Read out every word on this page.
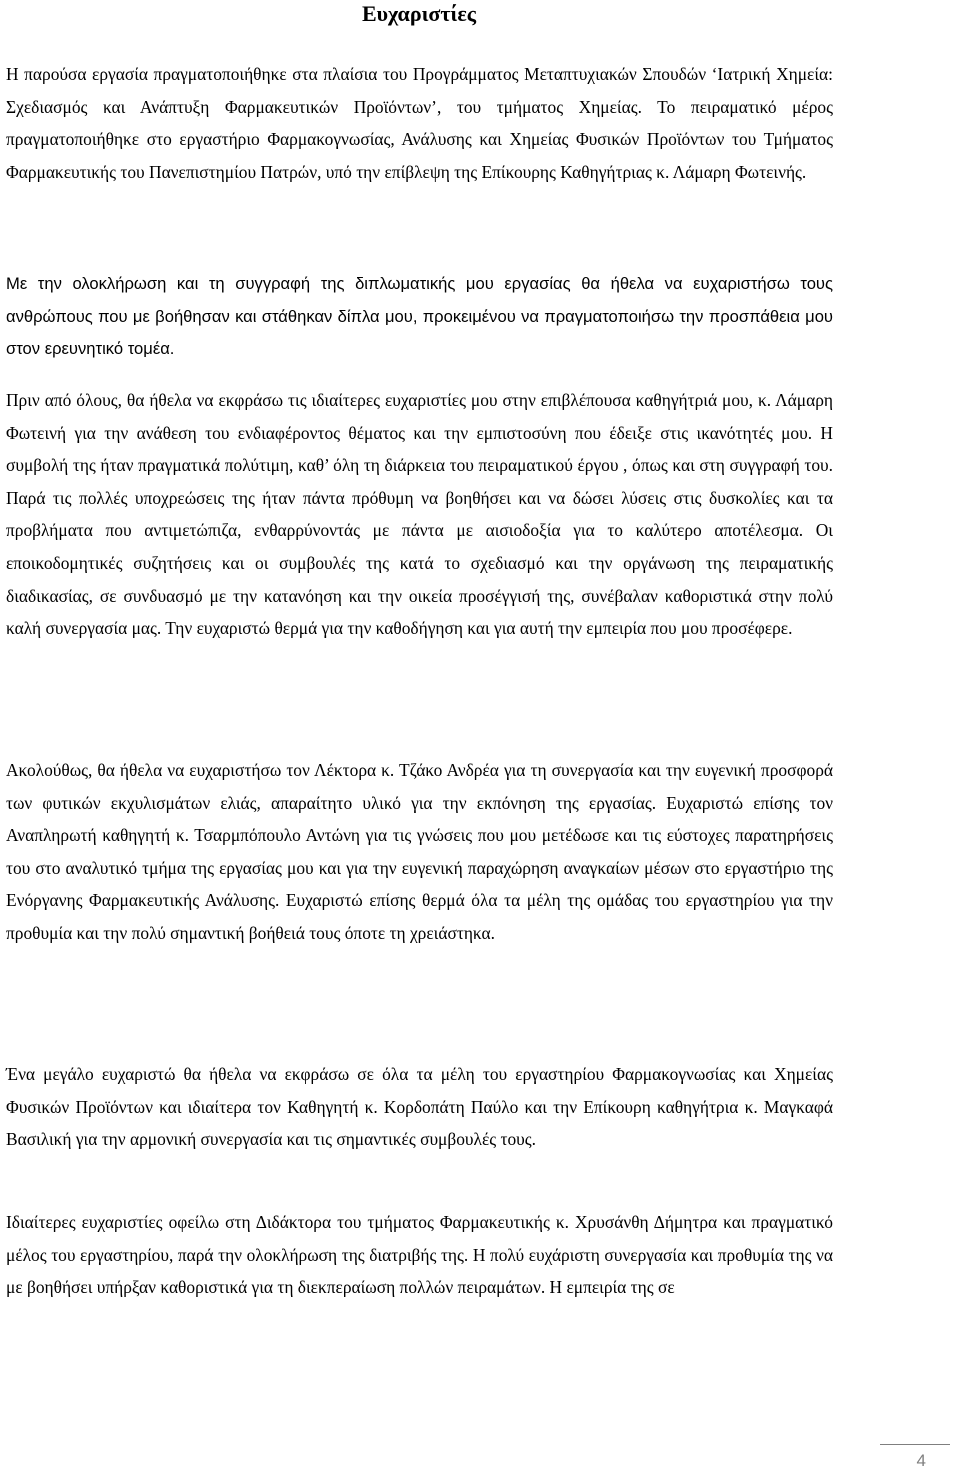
Ευχαριστίες

Η παρούσα εργασία πραγματοποιήθηκε στα πλαίσια του Προγράμματος Μεταπτυχιακών Σπουδών ‘Ιατρική Χημεία: Σχεδιασμός και Ανάπτυξη Φαρμακευτικών Προϊόντων’, του τμήματος Χημείας. Το πειραματικό μέρος πραγματοποιήθηκε στο εργαστήριο Φαρμακογνωσίας, Ανάλυσης και Χημείας Φυσικών Προϊόντων του Τμήματος Φαρμακευτικής του Πανεπιστημίου Πατρών, υπό την επίβλεψη της Επίκουρης Καθηγήτριας κ. Λάμαρη Φωτεινής.

Με την ολοκλήρωση και τη συγγραφή της διπλωματικής μου εργασίας θα ήθελα να ευχαριστήσω τους ανθρώπους που με βοήθησαν και στάθηκαν δίπλα μου, προκειμένου να πραγματοποιήσω την προσπάθεια μου στον ερευνητικό τομέα.

Πριν από όλους, θα ήθελα να εκφράσω τις ιδιαίτερες ευχαριστίες μου στην επιβλέπουσα καθηγήτριά μου, κ. Λάμαρη Φωτεινή για την ανάθεση του ενδιαφέροντος θέματος και την εμπιστοσύνη που έδειξε στις ικανότητές μου. Η συμβολή της ήταν πραγματικά πολύτιμη, καθ’ όλη τη διάρκεια του πειραματικού έργου , όπως και στη συγγραφή του. Παρά τις πολλές υποχρεώσεις της ήταν πάντα πρόθυμη να βοηθήσει και να δώσει λύσεις στις δυσκολίες και τα προβλήματα που αντιμετώπιζα, ενθαρρύνοντάς με πάντα με αισιοδοξία για το καλύτερο αποτέλεσμα. Οι εποικοδομητικές συζητήσεις και οι συμβουλές της κατά το σχεδιασμό και την οργάνωση της πειραματικής διαδικασίας, σε συνδυασμό με την κατανόηση και την οικεία προσέγγισή της, συνέβαλαν καθοριστικά στην πολύ καλή συνεργασία μας. Την ευχαριστώ θερμά για την καθοδήγηση και για αυτή την εμπειρία που μου προσέφερε.

Ακολούθως, θα ήθελα να ευχαριστήσω τον Λέκτορα κ. Τζάκο Ανδρέα για τη συνεργασία και την ευγενική προσφορά των φυτικών εκχυλισμάτων ελιάς, απαραίτητο υλικό για την εκπόνηση της εργασίας. Ευχαριστώ επίσης τον Αναπληρωτή καθηγητή κ. Τσαρμπόπουλο Αντώνη για τις γνώσεις που μου μετέδωσε και τις εύστοχες παρατηρήσεις του στο αναλυτικό τμήμα της εργασίας μου και για την ευγενική παραχώρηση αναγκαίων μέσων στο εργαστήριο της Ενόργανης Φαρμακευτικής Ανάλυσης. Ευχαριστώ επίσης θερμά όλα τα μέλη της ομάδας του εργαστηρίου για την προθυμία και την πολύ σημαντική βοήθειά τους όποτε τη χρειάστηκα.

Ένα μεγάλο ευχαριστώ θα ήθελα να εκφράσω σε όλα τα μέλη του εργαστηρίου Φαρμακογνωσίας και Χημείας Φυσικών Προϊόντων και ιδιαίτερα τον Καθηγητή κ. Κορδοπάτη Παύλο και την Επίκουρη καθηγήτρια κ. Μαγκαφά Βασιλική για την αρμονική συνεργασία και τις σημαντικές συμβουλές τους.

Ιδιαίτερες ευχαριστίες οφείλω στη Διδάκτορα του τμήματος Φαρμακευτικής κ. Χρυσάνθη Δήμητρα και πραγματικό μέλος του εργαστηρίου, παρά την ολοκλήρωση της διατριβής της. Η πολύ ευχάριστη συνεργασία και προθυμία της να με βοηθήσει υπήρξαν καθοριστικά για τη διεκπεραίωση πολλών πειραμάτων. Η εμπειρία της σε

4
